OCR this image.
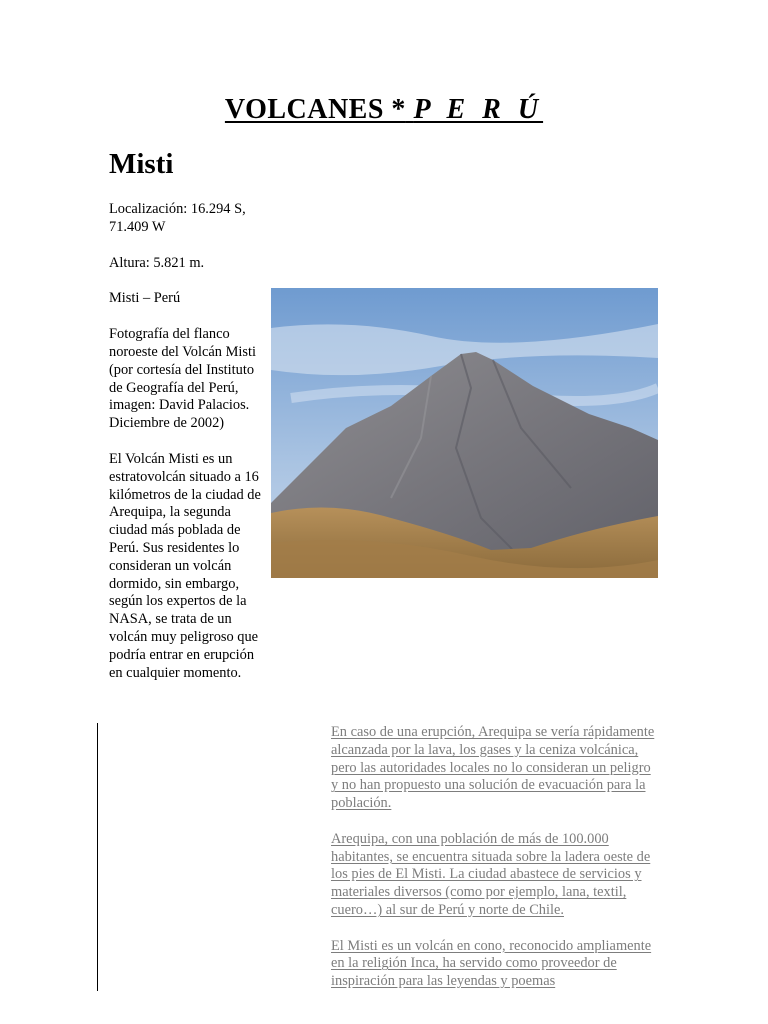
VOLCANES * P E R Ú
Misti

Localización: 16.294 S, 71.409 W

Altura: 5.821 m.

Misti – Perú

Fotografía del flanco noroeste del Volcán Misti (por cortesía del Instituto de Geografía del Perú, imagen: David Palacios. Diciembre de 2002)

El Volcán Misti es un estratovolcán situado a 16 kilómetros de la ciudad de Arequipa, la segunda ciudad más poblada de Perú. Sus residentes lo consideran un volcán dormido, sin embargo, según los expertos de la NASA, se trata de un volcán muy peligroso que podría entrar en erupción en cualquier momento.

En caso de una erupción, Arequipa se vería rápidamente alcanzada por la lava, los gases y la ceniza volcánica, pero las autoridades locales no lo consideran un peligro y no han propuesto una solución de evacuación para la población.

Arequipa, con una población de más de 100.000 habitantes, se encuentra situada sobre la ladera oeste de los pies de El Misti. La ciudad abastece de servicios y materiales diversos (como por ejemplo, lana, textil, cuero…) al sur de Perú y norte de Chile.

El Misti es un volcán en cono, reconocido ampliamente en la religión Inca, ha servido como proveedor de inspiración para las leyendas y poemas
